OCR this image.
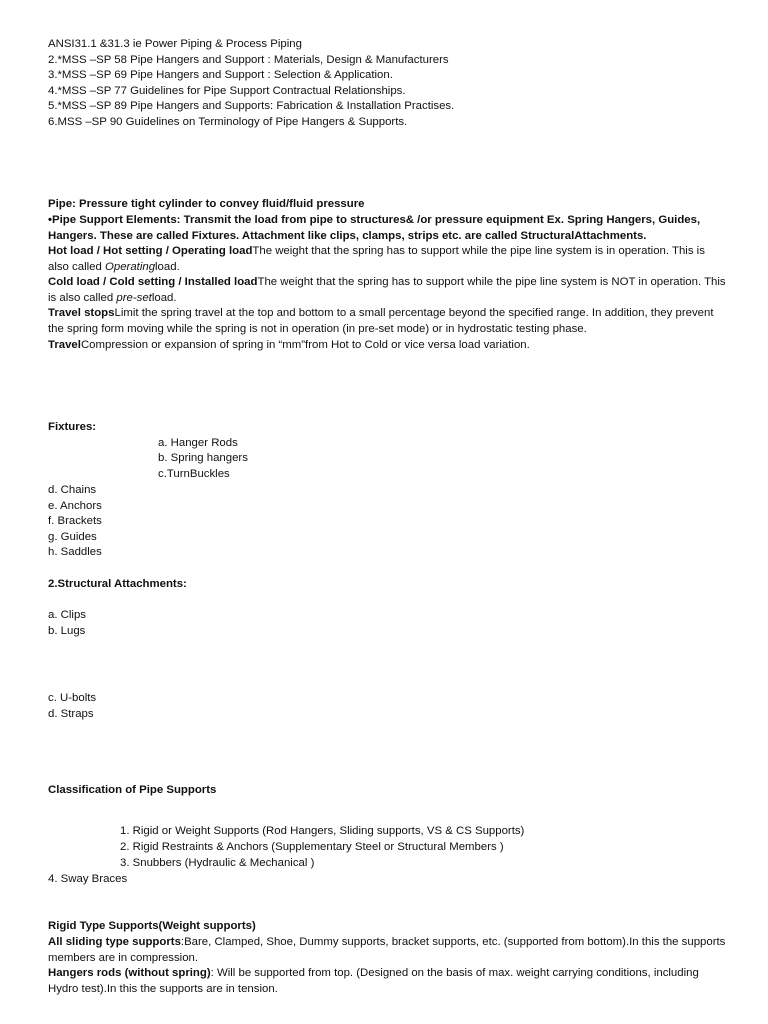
ANSI31.1 &31.3 ie Power Piping & Process Piping
2.*MSS –SP 58 Pipe Hangers and Support : Materials, Design & Manufacturers
3.*MSS –SP 69 Pipe Hangers and Support : Selection & Application.
4.*MSS –SP 77 Guidelines for Pipe Support Contractual Relationships.
5.*MSS –SP 89 Pipe Hangers and Supports: Fabrication & Installation Practises.
6.MSS –SP 90 Guidelines on Terminology of Pipe Hangers & Supports.
Pipe: Pressure tight cylinder to convey fluid/fluid pressure
•Pipe Support Elements: Transmit the load from pipe to structures& /or pressure equipment Ex. Spring Hangers, Guides, Hangers. These are called Fixtures. Attachment like clips, clamps, strips etc. are called StructuralAttachments.
Hot load / Hot setting / Operating loadThe weight that the spring has to support while the pipe line system is in operation. This is also called Operatingload.
Cold load / Cold setting / Installed loadThe weight that the spring has to support while the pipe line system is NOT in operation. This is also called pre-setload.
Travel stopsLimit the spring travel at the top and bottom to a small percentage beyond the specified range. In addition, they prevent the spring form moving while the spring is not in operation (in pre-set mode) or in hydrostatic testing phase.
TravelCompression or expansion of spring in “mm”from Hot to Cold or vice versa load variation.
Fixtures:
a. Hanger Rods
b. Spring hangers
c.TurnBuckles
d. Chains
e. Anchors
f. Brackets
g. Guides
h. Saddles
2.Structural Attachments:
a. Clips
b. Lugs
c. U-bolts
d. Straps
Classification of Pipe Supports
1. Rigid or Weight Supports (Rod Hangers, Sliding supports, VS & CS Supports)
2. Rigid Restraints & Anchors (Supplementary Steel or Structural Members )
3. Snubbers (Hydraulic & Mechanical )
4. Sway Braces
Rigid Type Supports(Weight supports)
All sliding type supports:Bare, Clamped, Shoe, Dummy supports, bracket supports, etc. (supported from bottom).In this the supports members are in compression.
Hangers rods (without spring): Will be supported from top. (Designed on the basis of max. weight carrying conditions, including Hydro test).In this the supports are in tension.
